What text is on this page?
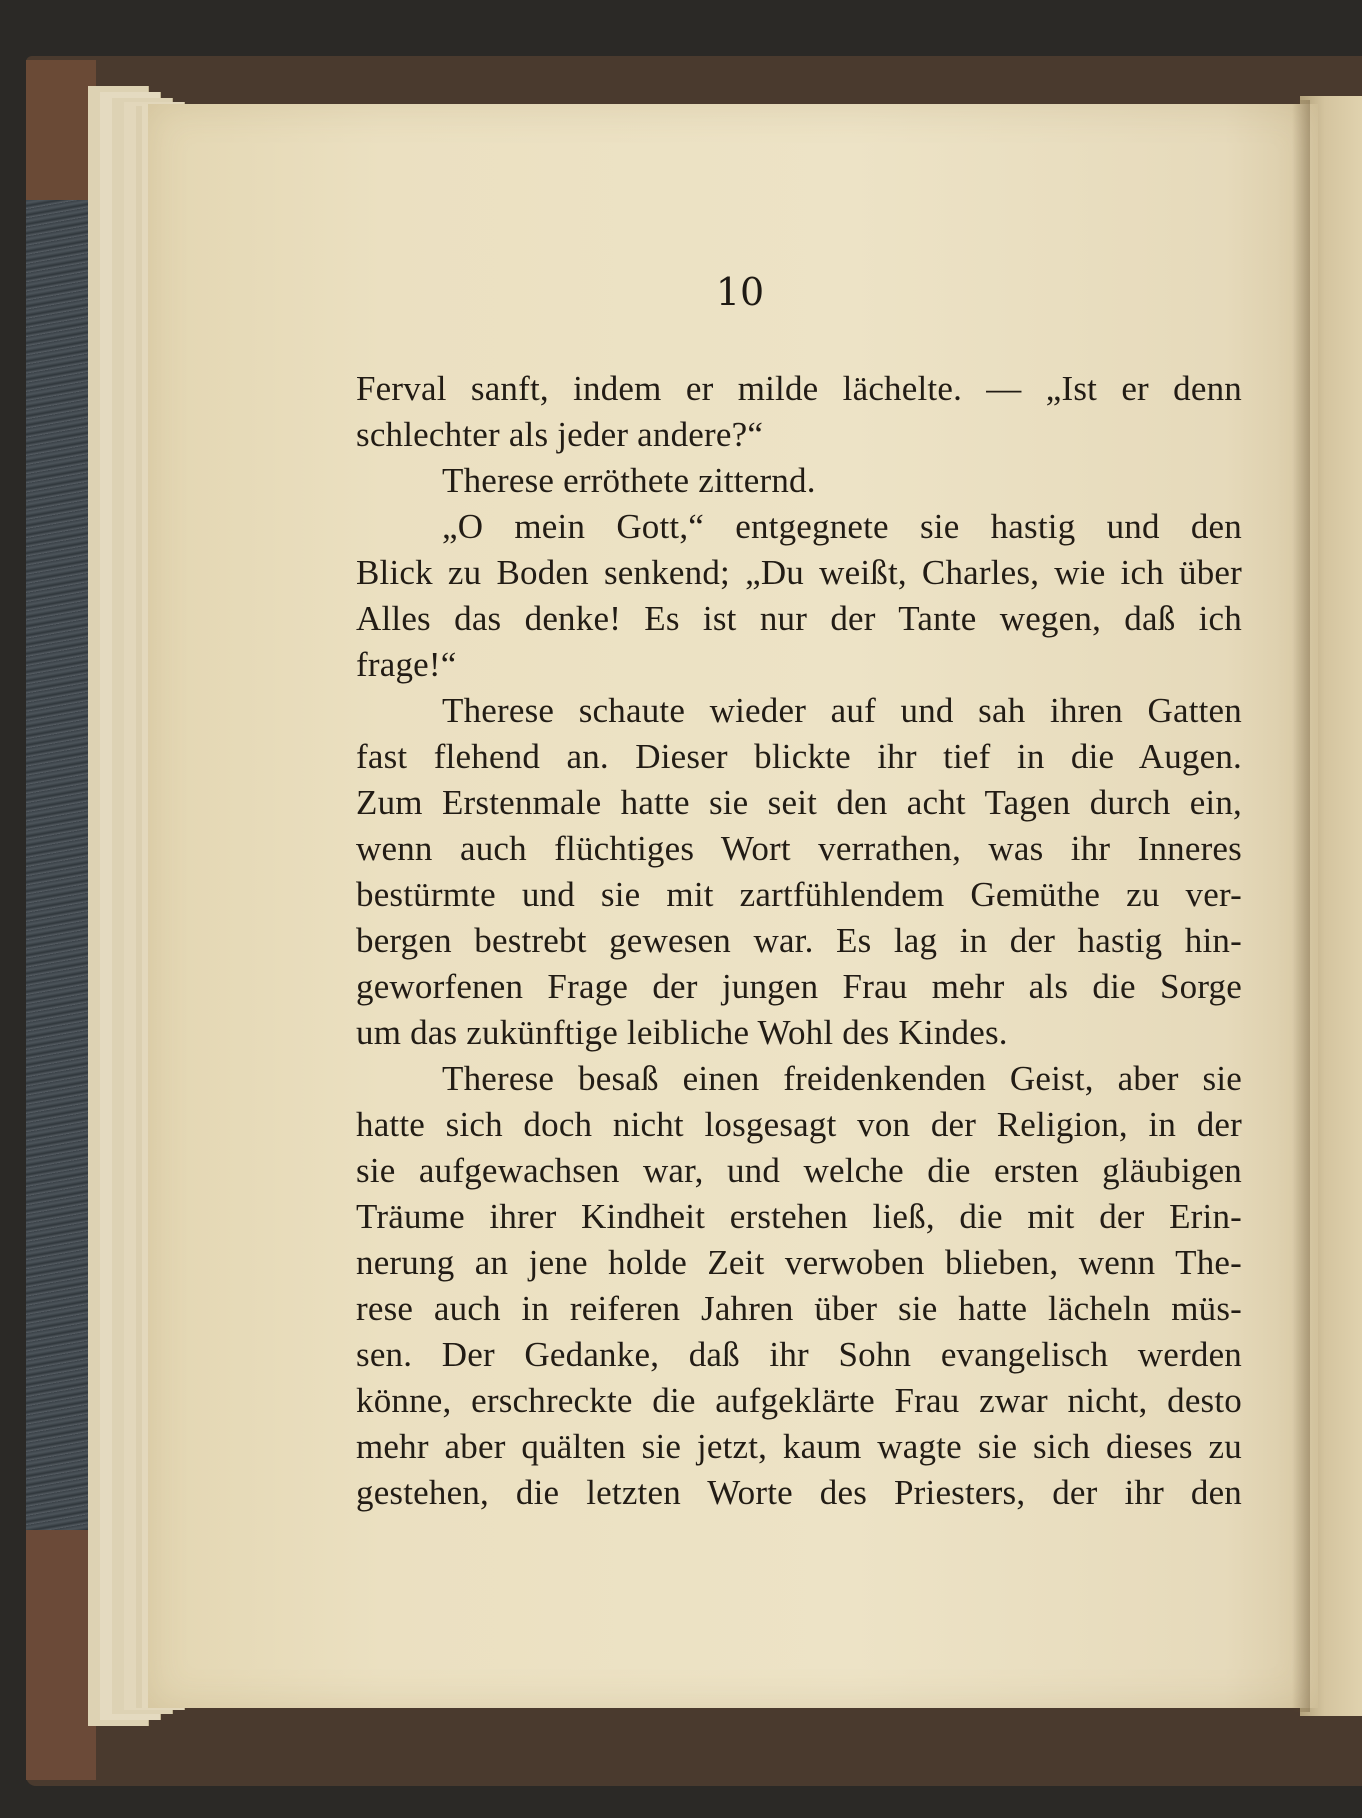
10
Ferval sanft, indem er milde lächelte. — „Ist er denn
schlechter als jeder andere?“
Therese erröthete zitternd.
„O mein Gott,“ entgegnete sie hastig und den
Blick zu Boden senkend; „Du weißt, Charles, wie ich über
Alles das denke! Es ist nur der Tante wegen, daß ich
frage!“
Therese schaute wieder auf und sah ihren Gatten
fast flehend an. Dieser blickte ihr tief in die Augen.
Zum Erstenmale hatte sie seit den acht Tagen durch ein,
wenn auch flüchtiges Wort verrathen, was ihr Inneres
bestürmte und sie mit zartfühlendem Gemüthe zu ver-
bergen bestrebt gewesen war. Es lag in der hastig hin-
geworfenen Frage der jungen Frau mehr als die Sorge
um das zukünftige leibliche Wohl des Kindes.
Therese besaß einen freidenkenden Geist, aber sie
hatte sich doch nicht losgesagt von der Religion, in der
sie aufgewachsen war, und welche die ersten gläubigen
Träume ihrer Kindheit erstehen ließ, die mit der Erin-
nerung an jene holde Zeit verwoben blieben, wenn The-
rese auch in reiferen Jahren über sie hatte lächeln müs-
sen. Der Gedanke, daß ihr Sohn evangelisch werden
könne, erschreckte die aufgeklärte Frau zwar nicht, desto
mehr aber quälten sie jetzt, kaum wagte sie sich dieses zu
gestehen, die letzten Worte des Priesters, der ihr den
